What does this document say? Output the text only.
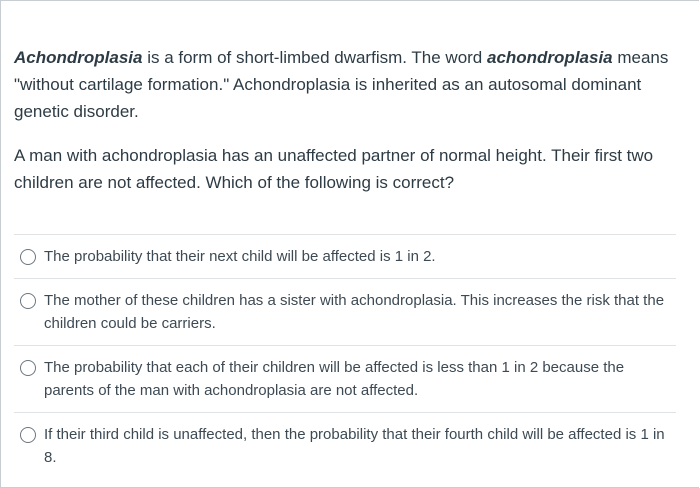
Achondroplasia is a form of short-limbed dwarfism. The word achondroplasia means "without cartilage formation." Achondroplasia is inherited as an autosomal dominant genetic disorder.

A man with achondroplasia has an unaffected partner of normal height. Their first two children are not affected. Which of the following is correct?

The probability that their next child will be affected is 1 in 2.
The mother of these children has a sister with achondroplasia. This increases the risk that the children could be carriers.
The probability that each of their children will be affected is less than 1 in 2 because the parents of the man with achondroplasia are not affected.
If their third child is unaffected, then the probability that their fourth child will be affected is 1 in 8.
